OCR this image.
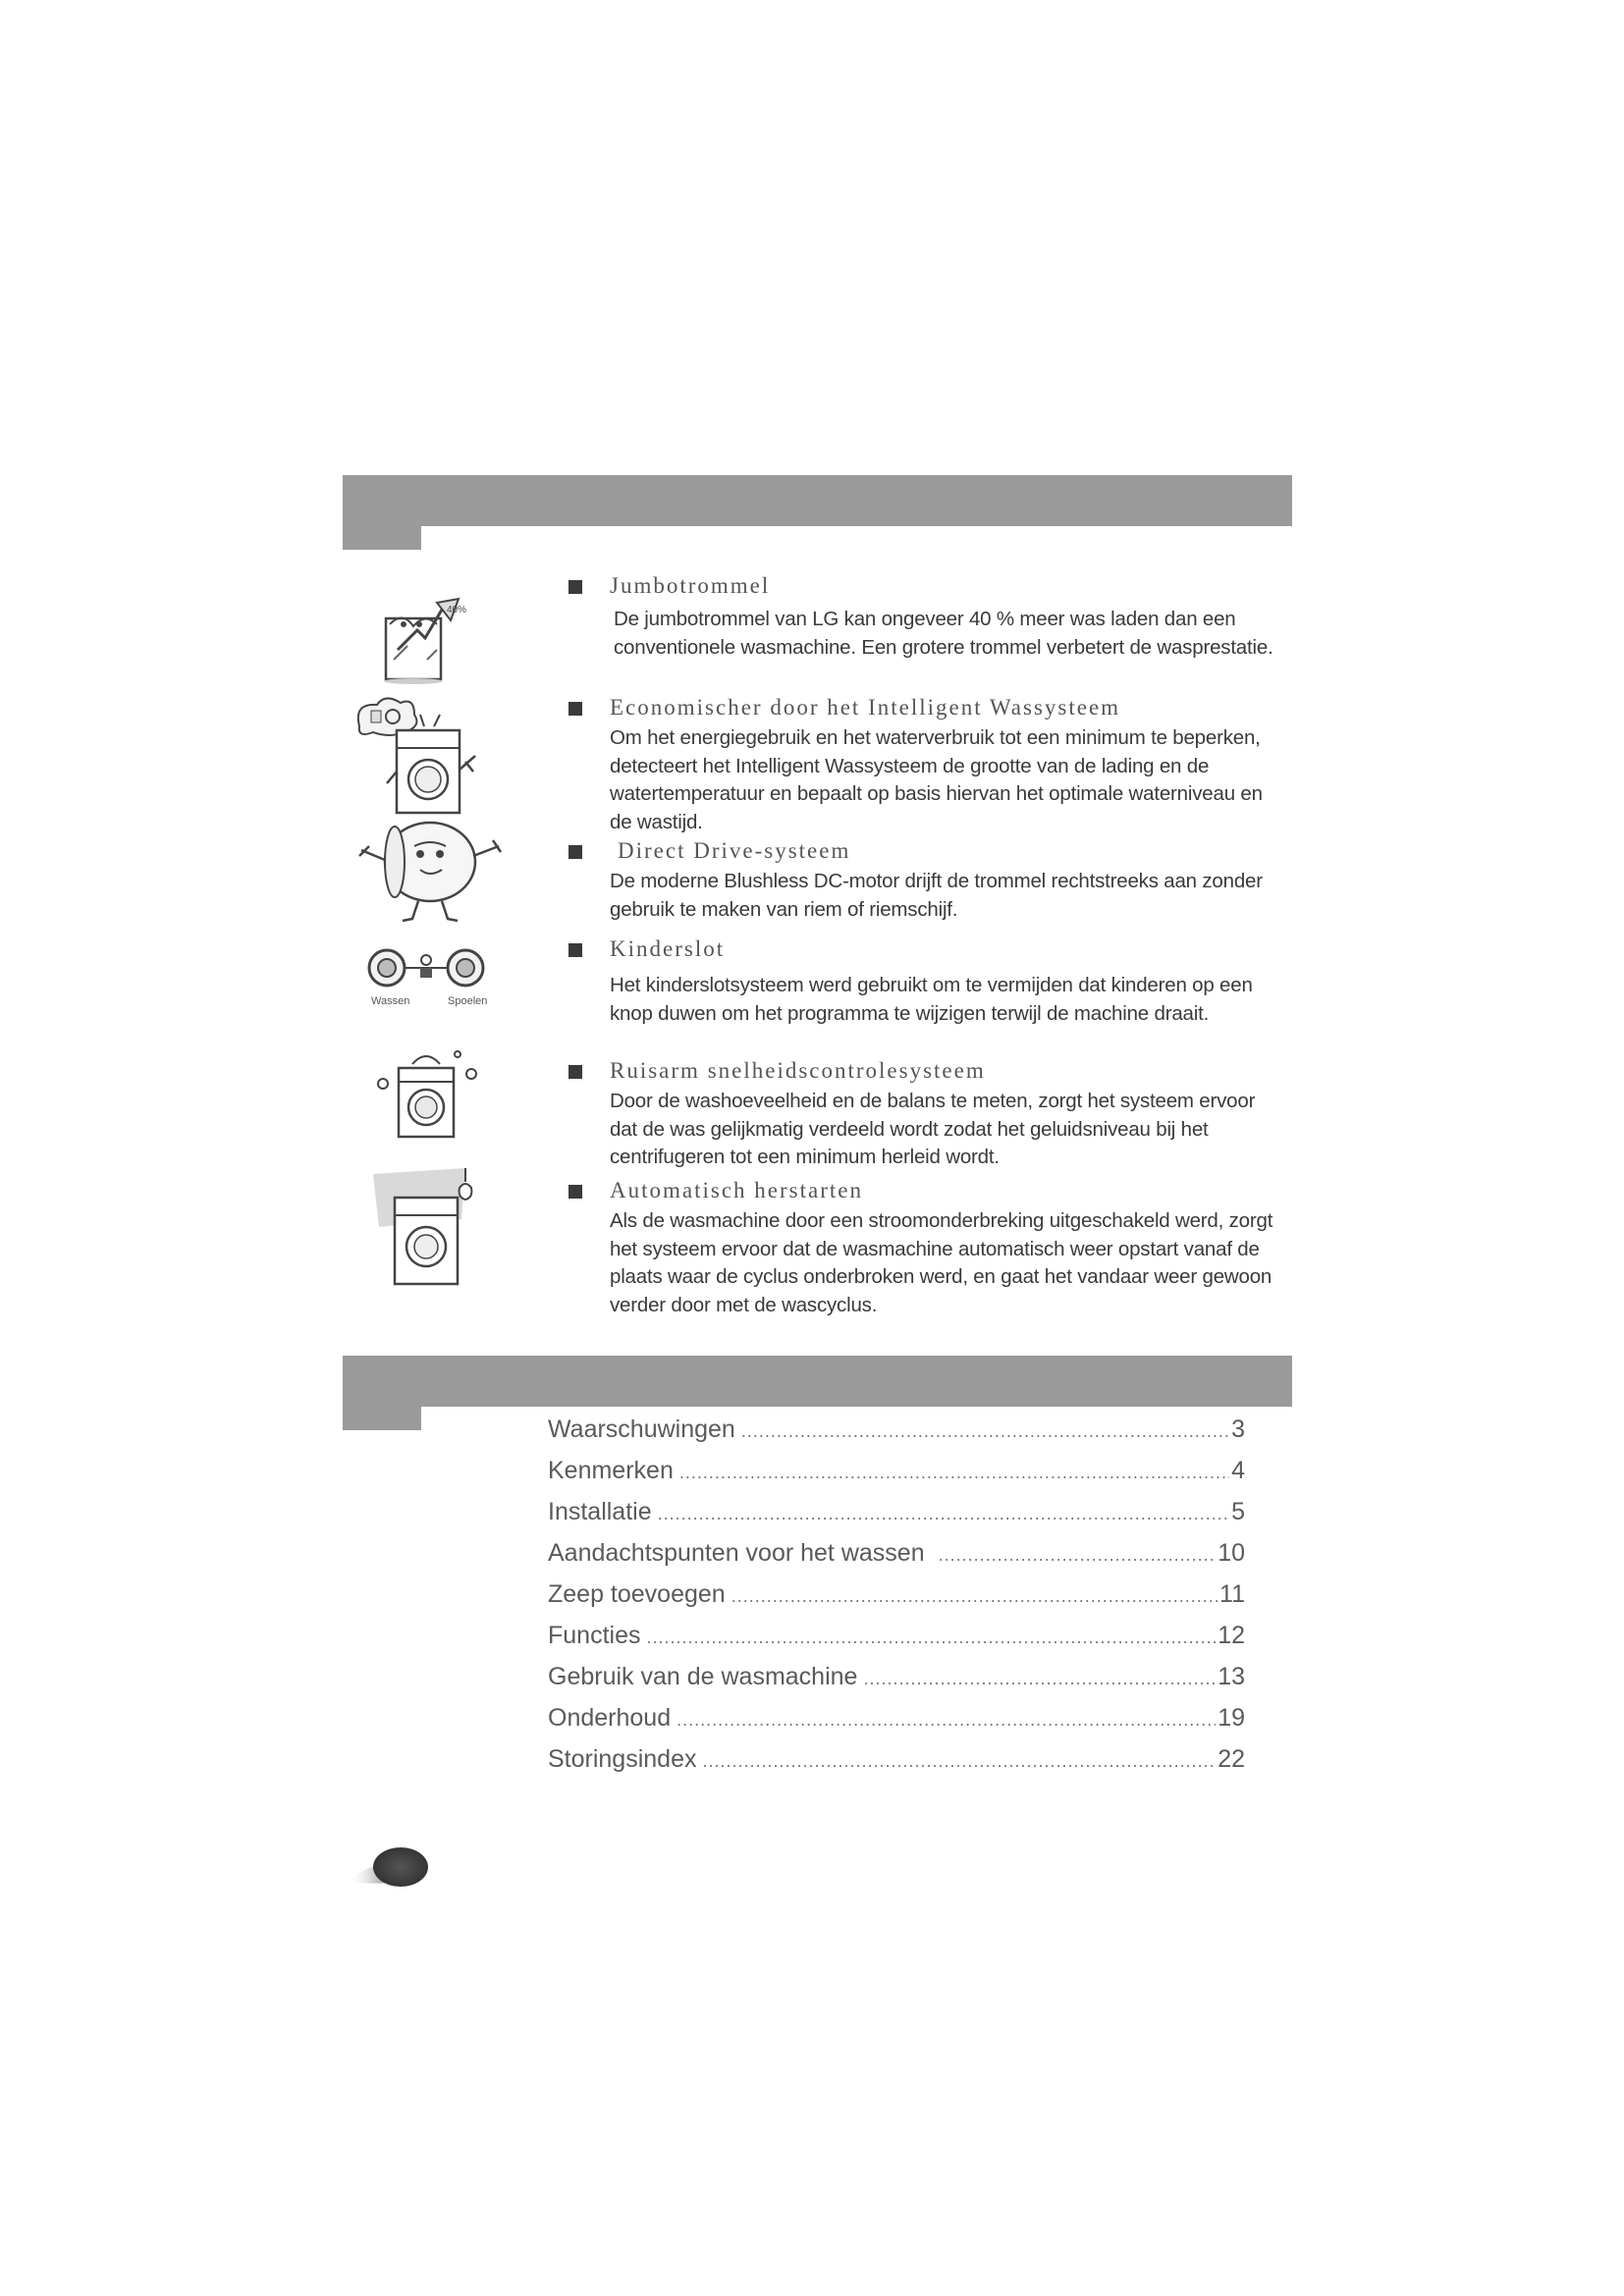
40%
Wassen	Spoelen
Jumbotrommel
De jumbotrommel van LG kan ongeveer 40 % meer was laden dan een conventionele wasmachine. Een grotere trommel verbetert de wasprestatie.
Economischer door het Intelligent Wassysteem
Om het energiegebruik en het waterverbruik tot een minimum te beperken, detecteert het Intelligent Wassysteem de grootte van de lading en de watertemperatuur en bepaalt op basis hiervan het optimale waterniveau en de wastijd.
Direct Drive-systeem
De moderne Blushless DC-motor drijft de trommel rechtstreeks aan zonder gebruik te maken van riem of riemschijf.
Kinderslot
Het kinderslotsysteem werd gebruikt om te vermijden dat kinderen op een knop duwen om het programma te wijzigen terwijl de machine draait.
Ruisarm snelheidscontrolesysteem
Door de washoeveelheid en de balans te meten, zorgt het systeem ervoor dat de was gelijkmatig verdeeld wordt zodat het geluidsniveau bij het centrifugeren tot een minimum herleid wordt.
Automatisch herstarten
Als de wasmachine door een stroomonderbreking uitgeschakeld werd, zorgt het systeem ervoor dat de wasmachine automatisch weer opstart vanaf de plaats waar de cyclus onderbroken werd, en gaat het vandaar weer gewoon verder door met de wascyclus.
Waarschuwingen .....	3
Kenmerken .....	4
Installatie .....	5
Aandachtspunten voor het wassen .....	10
Zeep toevoegen .....	11
Functies .....	12
Gebruik van de wasmachine .....	13
Onderhoud .....	19
Storingsindex .....	22
